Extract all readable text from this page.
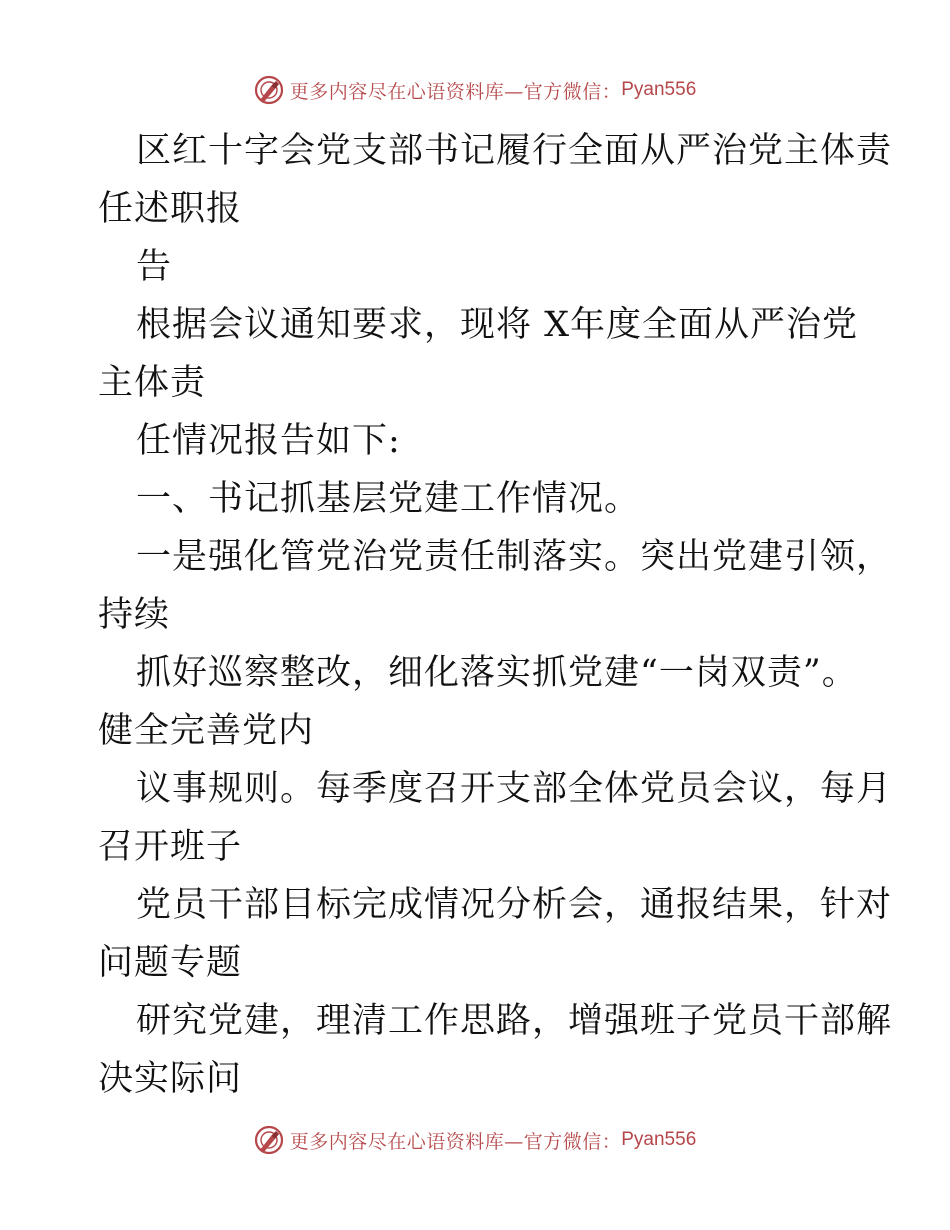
更多内容尽在心语资料库—官方微信： Pyan556
区红十字会党支部书记履行全面从严治党主体责
任述职报
告
根据会议通知要求，现将 X年度全面从严治党
主体责
任情况报告如下:
一、书记抓基层党建工作情况。
一是强化管党治党责任制落实。突出党建引领，
持续
抓好巡察整改，细化落实抓党建“一岗双责”。
健全完善党内
议事规则。每季度召开支部全体党员会议，每月
召开班子
党员干部目标完成情况分析会，通报结果，针对
问题专题
研究党建，理清工作思路，增强班子党员干部解
决实际问
更多内容尽在心语资料库—官方微信： Pyan556
